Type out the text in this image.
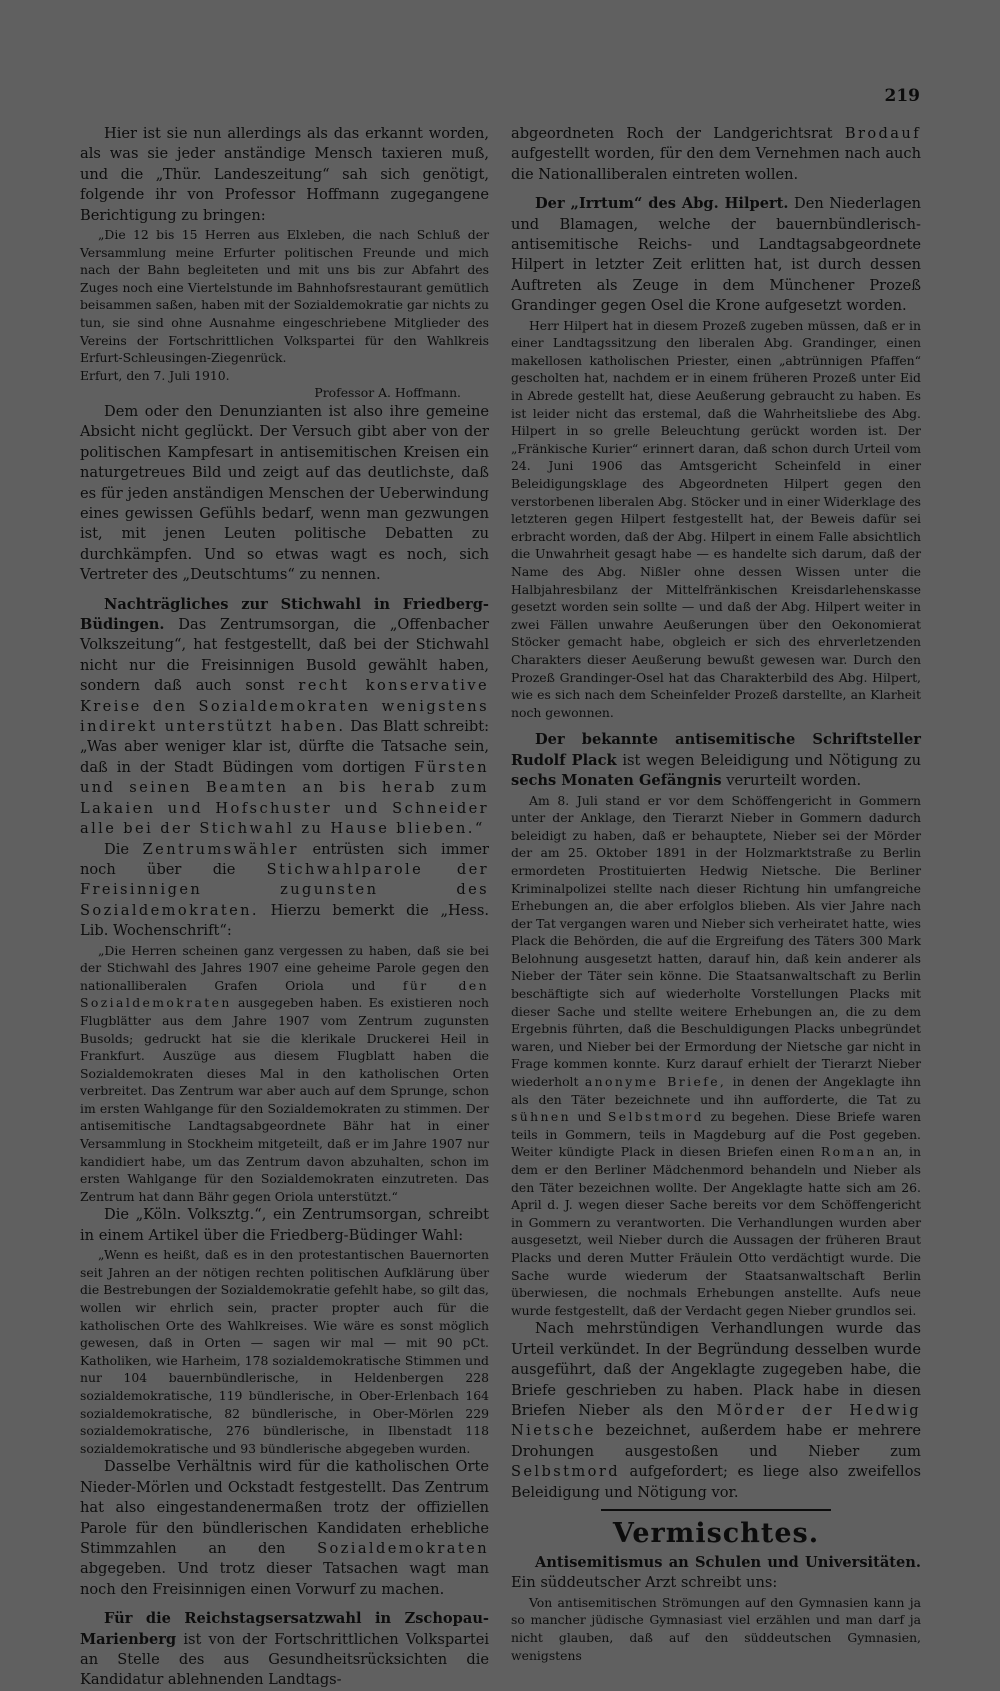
219

Hier ist sie nun allerdings als das erkannt worden, als was sie jeder anständige Mensch taxieren muß, und die „Thür. Landeszeitung“ sah sich genötigt, folgende ihr von Professor Hoffmann zugegangene Berichtigung zu bringen:

„Die 12 bis 15 Herren aus Elxleben, die nach Schluß der Versammlung meine Erfurter politischen Freunde und mich nach der Bahn begleiteten und mit uns bis zur Abfahrt des Zuges noch eine Viertelstunde im Bahnhofsrestaurant gemütlich beisammen saßen, haben mit der Sozialdemokratie gar nichts zu tun, sie sind ohne Ausnahme eingeschriebene Mitglieder des Vereins der Fortschrittlichen Volkspartei für den Wahlkreis Erfurt-Schleusingen-Ziegenrück.

Erfurt, den 7. Juli 1910.

Professor A. Hoffmann.

Dem oder den Denunzianten ist also ihre gemeine Absicht nicht geglückt. Der Versuch gibt aber von der politischen Kampfesart in antisemitischen Kreisen ein naturgetreues Bild und zeigt auf das deutlichste, daß es für jeden anständigen Menschen der Ueberwindung eines gewissen Gefühls bedarf, wenn man gezwungen ist, mit jenen Leuten politische Debatten zu durchkämpfen. Und so etwas wagt es noch, sich Vertreter des „Deutschtums“ zu nennen.

Nachträgliches zur Stichwahl in Friedberg-Büdingen. Das Zentrumsorgan, die „Offenbacher Volkszeitung“, hat festgestellt, daß bei der Stichwahl nicht nur die Freisinnigen Busold gewählt haben, sondern daß auch sonst recht konservative Kreise den Sozialdemokraten wenigstens indirekt unterstützt haben. Das Blatt schreibt: „Was aber weniger klar ist, dürfte die Tatsache sein, daß in der Stadt Büdingen vom dortigen Fürsten und seinen Beamten an bis herab zum Lakaien und Hofschuster und Schneider alle bei der Stichwahl zu Hause blieben.“

Die Zentrumswähler entrüsten sich immer noch über die Stichwahlparole der Freisinnigen zugunsten des Sozialdemokraten. Hierzu bemerkt die „Hess. Lib. Wochenschrift“:

„Die Herren scheinen ganz vergessen zu haben, daß sie bei der Stichwahl des Jahres 1907 eine geheime Parole gegen den nationalliberalen Grafen Oriola und für den Sozialdemokraten ausgegeben haben. Es existieren noch Flugblätter aus dem Jahre 1907 vom Zentrum zugunsten Busolds; gedruckt hat sie die klerikale Druckerei Heil in Frankfurt. Auszüge aus diesem Flugblatt haben die Sozialdemokraten dieses Mal in den katholischen Orten verbreitet. Das Zentrum war aber auch auf dem Sprunge, schon im ersten Wahlgange für den Sozialdemokraten zu stimmen. Der antisemitische Landtagsabgeordnete Bähr hat in einer Versammlung in Stockheim mitgeteilt, daß er im Jahre 1907 nur kandidiert habe, um das Zentrum davon abzuhalten, schon im ersten Wahlgange für den Sozialdemokraten einzutreten. Das Zentrum hat dann Bähr gegen Oriola unterstützt.“

Die „Köln. Volksztg.“, ein Zentrumsorgan, schreibt in einem Artikel über die Friedberg-Büdinger Wahl:

„Wenn es heißt, daß es in den protestantischen Bauernorten seit Jahren an der nötigen rechten politischen Aufklärung über die Bestrebungen der Sozialdemokratie gefehlt habe, so gilt das, wollen wir ehrlich sein, practer propter auch für die katholischen Orte des Wahlkreises. Wie wäre es sonst möglich gewesen, daß in Orten — sagen wir mal — mit 90 pCt. Katholiken, wie Harheim, 178 sozialdemokratische Stimmen und nur 104 bauernbündlerische, in Heldenbergen 228 sozialdemokratische, 119 bündlerische, in Ober-Erlenbach 164 sozialdemokratische, 82 bündlerische, in Ober-Mörlen 229 sozialdemokratische, 276 bündlerische, in Ilbenstadt 118 sozialdemokratische und 93 bündlerische abgegeben wurden.

Dasselbe Verhältnis wird für die katholischen Orte Nieder-Mörlen und Ockstadt festgestellt. Das Zentrum hat also eingestandenermaßen trotz der offiziellen Parole für den bündlerischen Kandidaten erhebliche Stimmzahlen an den Sozialdemokraten abgegeben. Und trotz dieser Tatsachen wagt man noch den Freisinnigen einen Vorwurf zu machen.

Für die Reichstagsersatzwahl in Zschopau-Marienberg ist von der Fortschrittlichen Volkspartei an Stelle des aus Gesundheitsrücksichten die Kandidatur ablehnenden Landtags-

abgeordneten Roch der Landgerichtsrat Brodauf aufgestellt worden, für den dem Vernehmen nach auch die Nationalliberalen eintreten wollen.

Der „Irrtum“ des Abg. Hilpert. Den Niederlagen und Blamagen, welche der bauernbündlerisch-antisemitische Reichs- und Landtagsabgeordnete Hilpert in letzter Zeit erlitten hat, ist durch dessen Auftreten als Zeuge in dem Münchener Prozeß Grandinger gegen Osel die Krone aufgesetzt worden.

Herr Hilpert hat in diesem Prozeß zugeben müssen, daß er in einer Landtagssitzung den liberalen Abg. Grandinger, einen makellosen katholischen Priester, einen „abtrünnigen Pfaffen“ gescholten hat, nachdem er in einem früheren Prozeß unter Eid in Abrede gestellt hat, diese Aeußerung gebraucht zu haben. Es ist leider nicht das erstemal, daß die Wahrheitsliebe des Abg. Hilpert in so grelle Beleuchtung gerückt worden ist. Der „Fränkische Kurier“ erinnert daran, daß schon durch Urteil vom 24. Juni 1906 das Amtsgericht Scheinfeld in einer Beleidigungsklage des Abgeordneten Hilpert gegen den verstorbenen liberalen Abg. Stöcker und in einer Widerklage des letzteren gegen Hilpert festgestellt hat, der Beweis dafür sei erbracht worden, daß der Abg. Hilpert in einem Falle absichtlich die Unwahrheit gesagt habe — es handelte sich darum, daß der Name des Abg. Nißler ohne dessen Wissen unter die Halbjahresbilanz der Mittelfränkischen Kreisdarlehenskasse gesetzt worden sein sollte — und daß der Abg. Hilpert weiter in zwei Fällen unwahre Aeußerungen über den Oekonomierat Stöcker gemacht habe, obgleich er sich des ehrverletzenden Charakters dieser Aeußerung bewußt gewesen war. Durch den Prozeß Grandinger-Osel hat das Charakterbild des Abg. Hilpert, wie es sich nach dem Scheinfelder Prozeß darstellte, an Klarheit noch gewonnen.

Der bekannte antisemitische Schriftsteller Rudolf Plack ist wegen Beleidigung und Nötigung zu sechs Monaten Gefängnis verurteilt worden.

Am 8. Juli stand er vor dem Schöffengericht in Gommern unter der Anklage, den Tierarzt Nieber in Gommern dadurch beleidigt zu haben, daß er behauptete, Nieber sei der Mörder der am 25. Oktober 1891 in der Holzmarktstraße zu Berlin ermordeten Prostituierten Hedwig Nietsche. Die Berliner Kriminalpolizei stellte nach dieser Richtung hin umfangreiche Erhebungen an, die aber erfolglos blieben. Als vier Jahre nach der Tat vergangen waren und Nieber sich verheiratet hatte, wies Plack die Behörden, die auf die Ergreifung des Täters 300 Mark Belohnung ausgesetzt hatten, darauf hin, daß kein anderer als Nieber der Täter sein könne. Die Staatsanwaltschaft zu Berlin beschäftigte sich auf wiederholte Vorstellungen Placks mit dieser Sache und stellte weitere Erhebungen an, die zu dem Ergebnis führten, daß die Beschuldigungen Placks unbegründet waren, und Nieber bei der Ermordung der Nietsche gar nicht in Frage kommen konnte. Kurz darauf erhielt der Tierarzt Nieber wiederholt anonyme Briefe, in denen der Angeklagte ihn als den Täter bezeichnete und ihn aufforderte, die Tat zu sühnen und Selbstmord zu begehen. Diese Briefe waren teils in Gommern, teils in Magdeburg auf die Post gegeben. Weiter kündigte Plack in diesen Briefen einen Roman an, in dem er den Berliner Mädchenmord behandeln und Nieber als den Täter bezeichnen wollte. Der Angeklagte hatte sich am 26. April d. J. wegen dieser Sache bereits vor dem Schöffengericht in Gommern zu verantworten. Die Verhandlungen wurden aber ausgesetzt, weil Nieber durch die Aussagen der früheren Braut Placks und deren Mutter Fräulein Otto verdächtigt wurde. Die Sache wurde wiederum der Staatsanwaltschaft Berlin überwiesen, die nochmals Erhebungen anstellte. Aufs neue wurde festgestellt, daß der Verdacht gegen Nieber grundlos sei.

Nach mehrstündigen Verhandlungen wurde das Urteil verkündet. In der Begründung desselben wurde ausgeführt, daß der Angeklagte zugegeben habe, die Briefe geschrieben zu haben. Plack habe in diesen Briefen Nieber als den Mörder der Hedwig Nietsche bezeichnet, außerdem habe er mehrere Drohungen ausgestoßen und Nieber zum Selbstmord aufgefordert; es liege also zweifellos Beleidigung und Nötigung vor.

Vermischtes.

Antisemitismus an Schulen und Universitäten. Ein süddeutscher Arzt schreibt uns:

Von antisemitischen Strömungen auf den Gymnasien kann ja so mancher jüdische Gymnasiast viel erzählen und man darf ja nicht glauben, daß auf den süddeutschen Gymnasien, wenigstens
